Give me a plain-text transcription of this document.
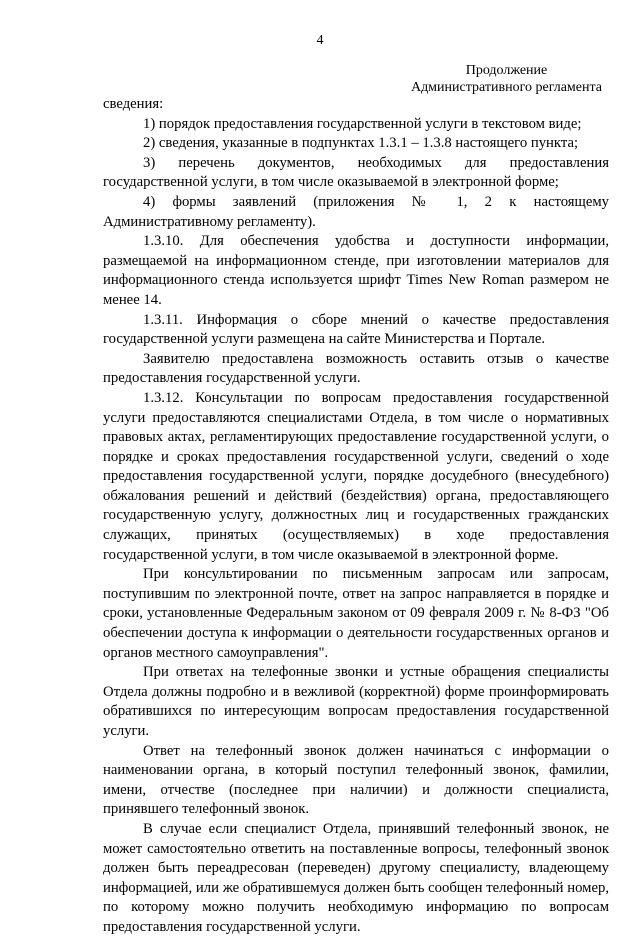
4
Продолжение
Административного регламента

сведения:

1) порядок предоставления государственной услуги в текстовом виде;

2) сведения, указанные в подпунктах 1.3.1 – 1.3.8 настоящего пункта;

3) перечень документов, необходимых для предоставления государственной услуги, в том числе оказываемой в электронной форме;

4) формы заявлений (приложения № 1, 2 к настоящему Административному регламенту).

1.3.10. Для обеспечения удобства и доступности информации, размещаемой на информационном стенде, при изготовлении материалов для информационного стенда используется шрифт Times New Roman размером не менее 14.

1.3.11. Информация о сборе мнений о качестве предоставления государственной услуги размещена на сайте Министерства и Портале.

Заявителю предоставлена возможность оставить отзыв о качестве предоставления государственной услуги.

1.3.12. Консультации по вопросам предоставления государственной услуги предоставляются специалистами Отдела, в том числе о нормативных правовых актах, регламентирующих предоставление государственной услуги, о порядке и сроках предоставления государственной услуги, сведений о ходе предоставления государственной услуги, порядке досудебного (внесудебного) обжалования решений и действий (бездействия) органа, предоставляющего государственную услугу, должностных лиц и государственных гражданских служащих, принятых (осуществляемых) в ходе предоставления государственной услуги, в том числе оказываемой в электронной форме.

При консультировании по письменным запросам или запросам, поступившим по электронной почте, ответ на запрос направляется в порядке и сроки, установленные Федеральным законом от 09 февраля 2009 г. № 8-ФЗ "Об обеспечении доступа к информации о деятельности государственных органов и органов местного самоуправления".

При ответах на телефонные звонки и устные обращения специалисты Отдела должны подробно и в вежливой (корректной) форме проинформировать обратившихся по интересующим вопросам предоставления государственной услуги.

Ответ на телефонный звонок должен начинаться с информации о наименовании органа, в который поступил телефонный звонок, фамилии, имени, отчестве (последнее при наличии) и должности специалиста, принявшего телефонный звонок.

В случае если специалист Отдела, принявший телефонный звонок, не может самостоятельно ответить на поставленные вопросы, телефонный звонок должен быть переадресован (переведен) другому специалисту, владеющему информацией, или же обратившемуся должен быть сообщен телефонный номер, по которому можно получить необходимую информацию по вопросам предоставления государственной услуги.
